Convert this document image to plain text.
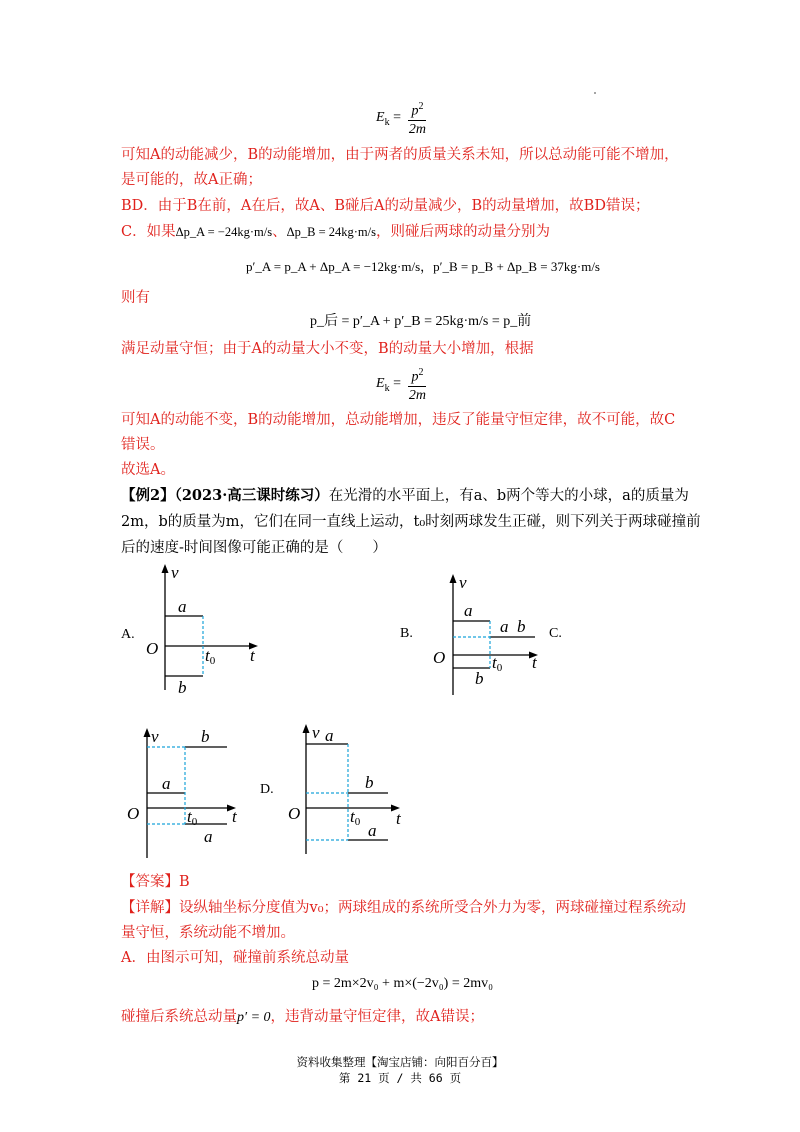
$E_k = \frac{p^2}{2m}$
可知A的动能减少，B的动能增加，由于两者的质量关系未知，所以总动能可能不增加，
是可能的，故A正确；
BD．由于B在前，A在后，故A、B碰后A的动量减少，B的动量增加，故BD错误；
C．如果Δp_A = −24kg·m/s、Δp_B = 24kg·m/s，则碰后两球的动量分别为
p′_A = p_A + Δp_A = −12kg·m/s，p′_B = p_B + Δp_B = 37kg·m/s
则有
p_后 = p′_A + p′_B = 25kg·m/s = p_前
满足动量守恒；由于A的动量大小不变，B的动量大小增加，根据
$E_k = \frac{p^2}{2m}$
可知A的动能不变，B的动能增加，总动能增加，违反了能量守恒定律，故不可能，故C
错误。
故选A。
【例2】（2023·高三课时练习）在光滑的水平面上，有a、b两个等大的小球，a的质量为
2m，b的质量为m，它们在同一直线上运动，t₀时刻两球发生正碰，则下列关于两球碰撞前
后的速度-时间图像可能正确的是（　　）
A.	B.	C.
D.
v
a
O	t0 t
b
v
a
a b
O	t0 t
b
v b
a
O	t0 t
a
v a
b
O	t0 t
a
【答案】B
【详解】设纵轴坐标分度值为v₀；两球组成的系统所受合外力为零，两球碰撞过程系统动
量守恒，系统动能不增加。
A．由图示可知，碰撞前系统总动量
p = 2m×2v₀ + m×(−2v₀) = 2mv₀
碰撞后系统总动量p′ = 0，违背动量守恒定律，故A错误；
资料收集整理【淘宝店铺：向阳百分百】
第 21 页 / 共 66 页
